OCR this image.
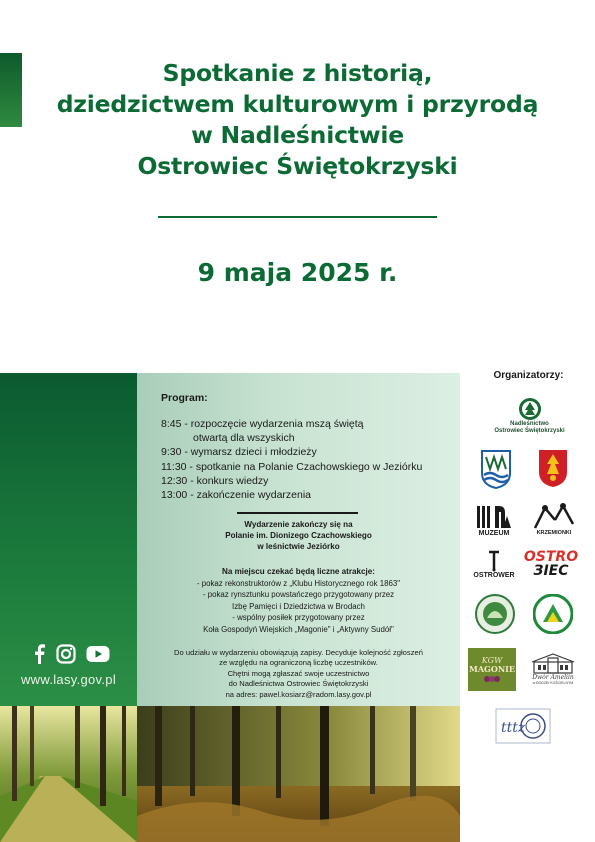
Spotkanie z historią,
dziedzictwem kulturowym i przyrodą
w Nadleśnictwie
Ostrowiec Świętokrzyski
9 maja 2025 r.
www.lasy.gov.pl
Program:
8:45 - rozpoczęcie wydarzenia mszą świętą
otwartą dla wszyskich
9:30 - wymarsz dzieci i młodzieży
11:30 - spotkanie na Polanie Czachowskiego w Jeziórku
12:30 - konkurs wiedzy
13:00 - zakończenie wydarzenia
Wydarzenie zakończy się na
Polanie im. Dionizego Czachowskiego
w leśnictwie Jeziórko
Na miejscu czekać będą liczne atrakcje:
- pokaz rekonstruktorów z „Klubu Historycznego rok 1863"
- pokaz rynsztunku powstańczego przygotowany przez
Izbę Pamięci i Dziedzictwa w Brodach
- wspólny posiłek przygotowany przez
Koła Gospodyń Wiejskich „Magonie" i „Aktywny Sudół"
Do udziału w wydarzeniu obowiązują zapisy. Decyduje kolejność zgłoszeń
ze względu na ograniczoną liczbę uczestników.
Chętni mogą zgłaszać swoje uczestnictwo
do Nadleśnictwa Ostrowiec Świętokrzyski
na adres: pawel.kosiarz@radom.lasy.gov.pl
Organizatorzy:
Nadleśnictwo
Ostrowiec Świętokrzyski
MUZEUM	KRZEMIONKI
OSTROWER
OSTRO
ЗIEC
KGW
MAGONIE
Dwór Ameliin
w BODZEI KOŚCIELNYM
tttz
